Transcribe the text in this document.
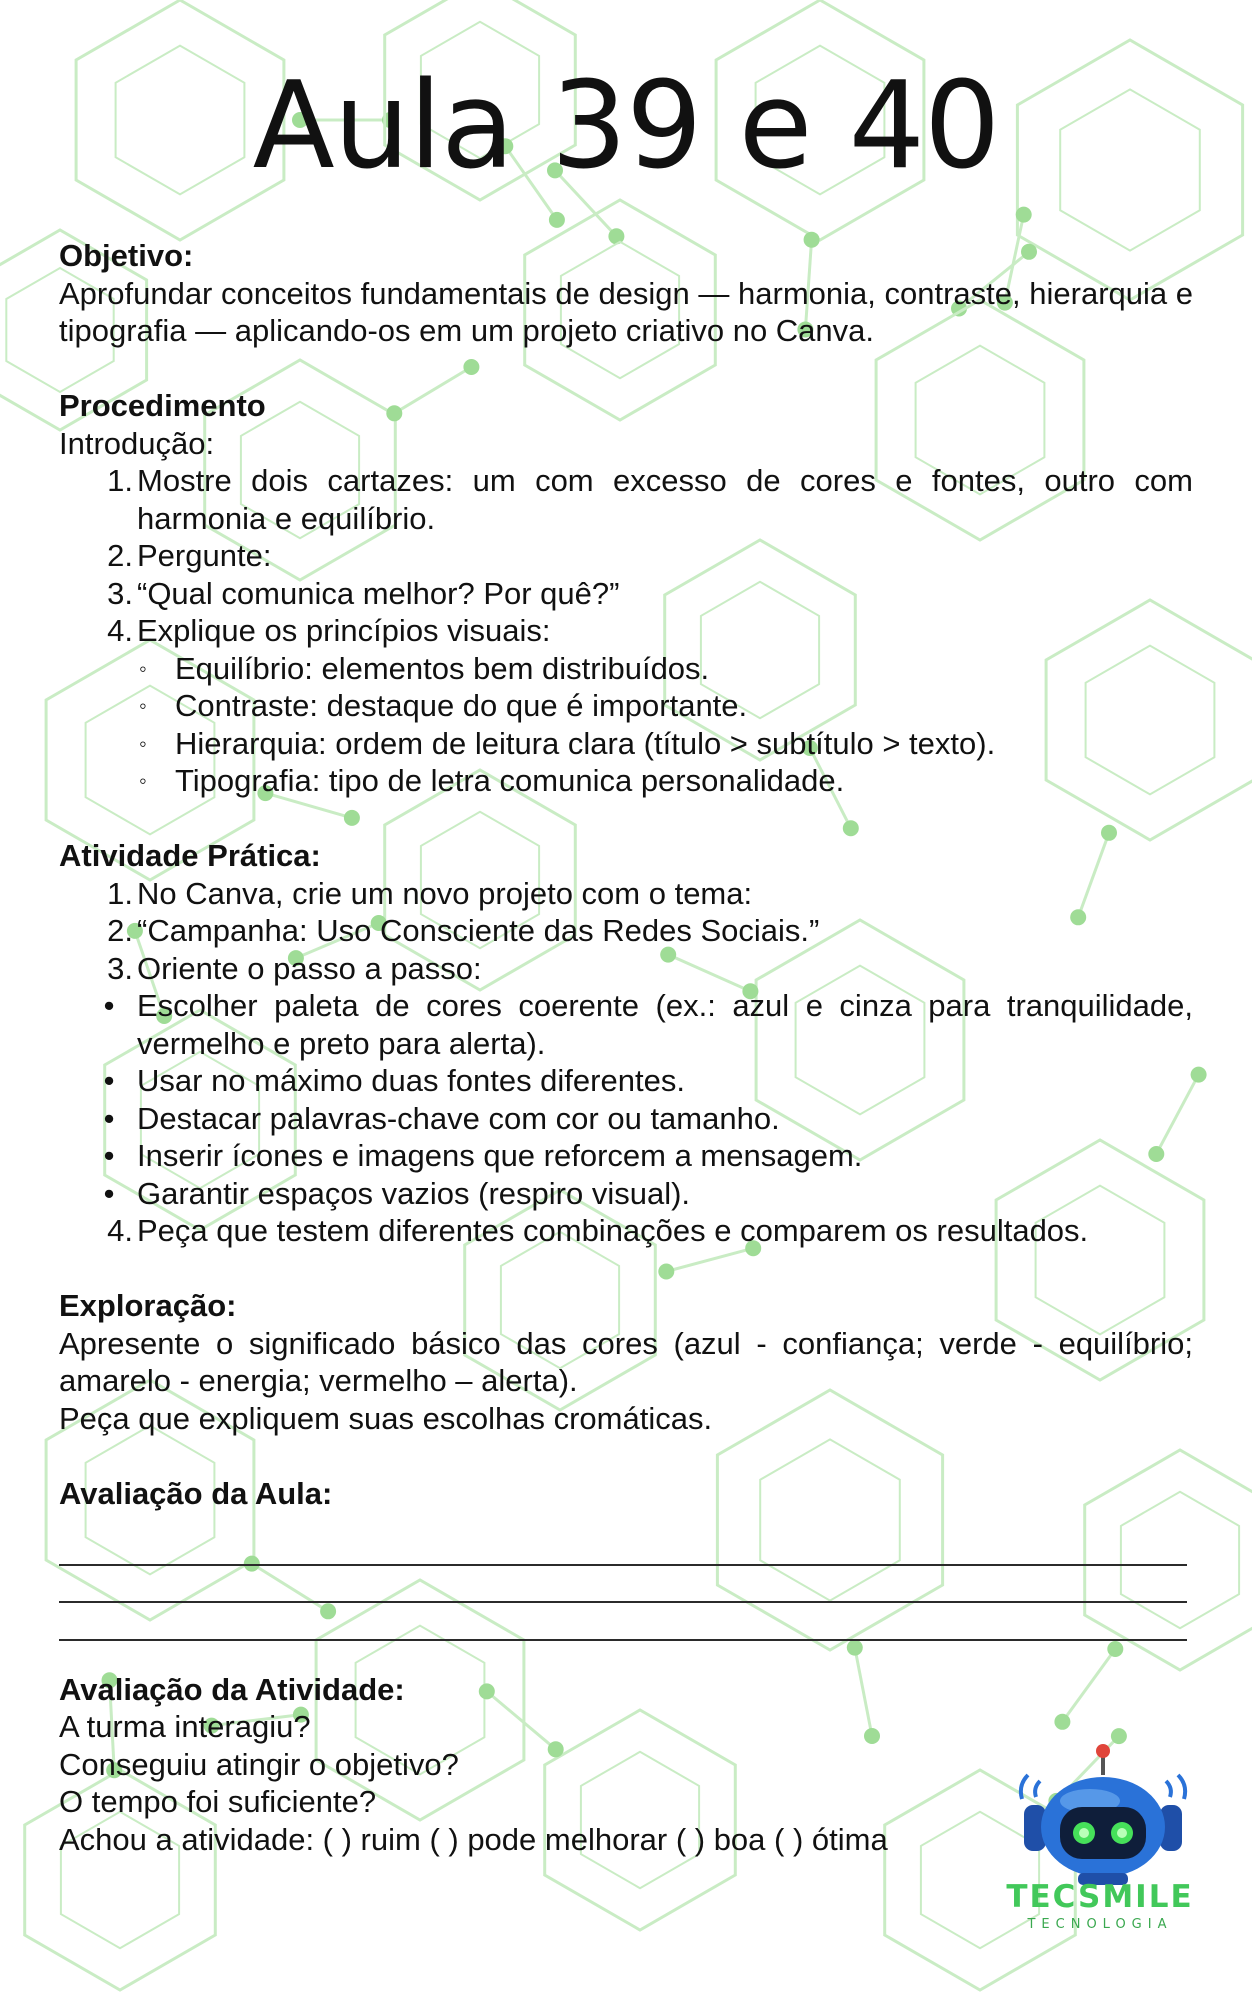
Aula 39 e 40

Objetivo:

Aprofundar conceitos fundamentais de design — harmonia, contraste, hierarquia e tipografia — aplicando-os em um projeto criativo no Canva.

Procedimento

Introdução:

1. Mostre dois cartazes: um com excesso de cores e fontes, outro com harmonia e equilíbrio.
2. Pergunte:
3. “Qual comunica melhor? Por quê?”
4. Explique os princípios visuais:
◦ Equilíbrio: elementos bem distribuídos.
◦ Contraste: destaque do que é importante.
◦ Hierarquia: ordem de leitura clara (título > subtítulo > texto).
◦ Tipografia: tipo de letra comunica personalidade.

Atividade Prática:

1. No Canva, crie um novo projeto com o tema:
2. “Campanha: Uso Consciente das Redes Sociais.”
3. Oriente o passo a passo:
• Escolher paleta de cores coerente (ex.: azul e cinza para tranquilidade, vermelho e preto para alerta).
• Usar no máximo duas fontes diferentes.
• Destacar palavras-chave com cor ou tamanho.
• Inserir ícones e imagens que reforcem a mensagem.
• Garantir espaços vazios (respiro visual).
4. Peça que testem diferentes combinações e comparem os resultados.

Exploração:

Apresente o significado básico das cores (azul - confiança; verde - equilíbrio; amarelo - energia; vermelho – alerta).

Peça que expliquem suas escolhas cromáticas.

Avaliação da Aula:

Avaliação da Atividade:

A turma interagiu?

Conseguiu atingir o objetivo?

O tempo foi suficiente?

Achou a atividade: ( ) ruim ( ) pode melhorar ( ) boa ( ) ótima

TECSMILE
TECNOLOGIA
